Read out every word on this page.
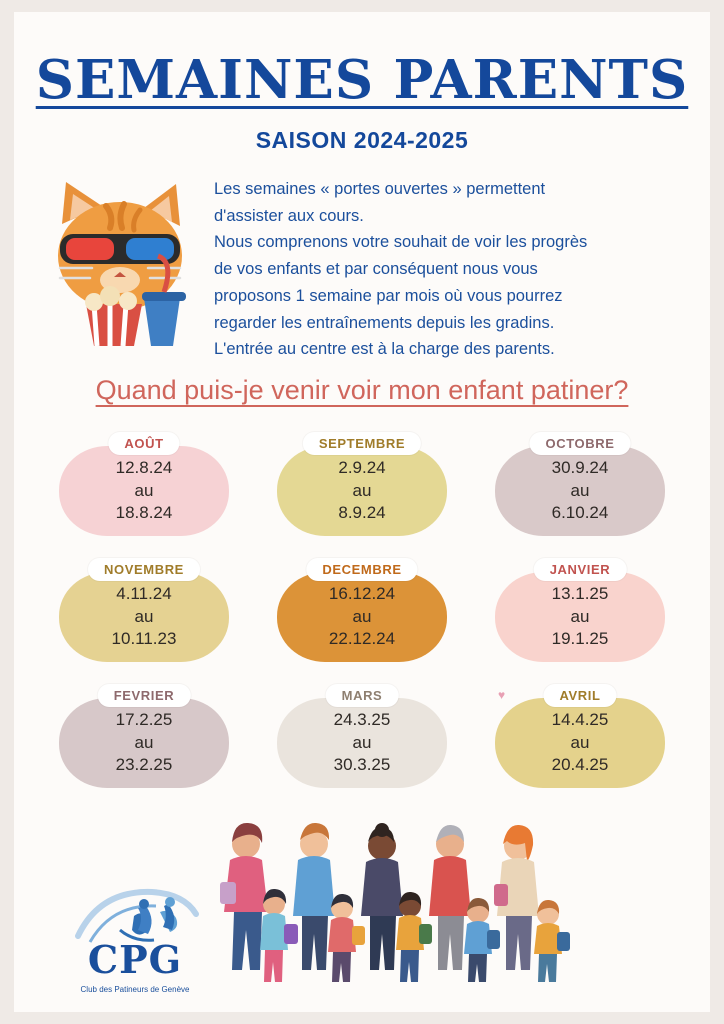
SEMAINES PARENTS
SAISON 2024-2025

Les semaines « portes ouvertes » permettent

d'assister aux cours.

Nous comprenons votre souhait de voir les progrès

de vos enfants et par conséquent nous vous

proposons 1 semaine par mois où vous pourrez

regarder les entraînements depuis les gradins.

L'entrée au centre est à la charge des parents.

Quand puis-je venir voir mon enfant patiner?
12.8.24
au
18.8.24
AOÛT
2.9.24
au
8.9.24
SEPTEMBRE
30.9.24
au
6.10.24
OCTOBRE
4.11.24
au
10.11.23
NOVEMBRE
16.12.24
au
22.12.24
DECEMBRE
13.1.25
au
19.1.25
JANVIER
17.2.25
au
23.2.25
FEVRIER
24.3.25
au
30.3.25
MARS
14.4.25
au
20.4.25
♥	AVRIL
CPG
Club des Patineurs de Genève
